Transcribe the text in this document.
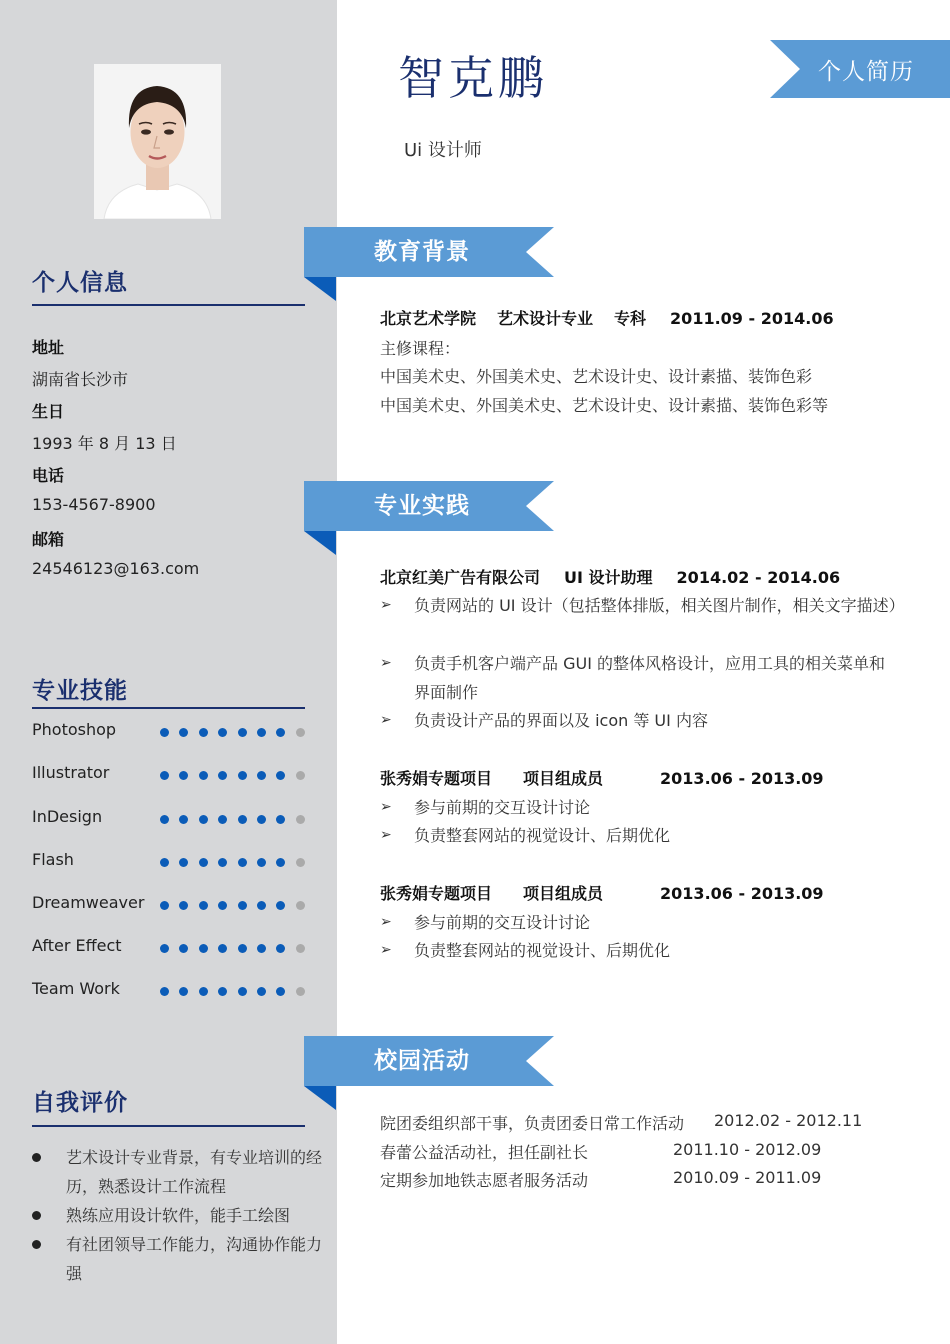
个人信息
地址
湖南省长沙市
生日
1993 年 8 月 13 日
电话
153-4567-8900
邮箱
24546123@163.com
专业技能
Photoshop
Illustrator
InDesign
Flash
Dreamweaver
After Effect
Team Work
自我评价
艺术设计专业背景，有专业培训的经历，熟悉设计工作流程
熟练应用设计软件，能手工绘图
有社团领导工作能力，沟通协作能力强
智克鹏
Ui 设计师
个人简历
教育背景
北京艺术学院 艺术设计专业 专科 2011.09 - 2014.06
主修课程：
中国美术史、外国美术史、艺术设计史、设计素描、装饰色彩
中国美术史、外国美术史、艺术设计史、设计素描、装饰色彩等
专业实践
北京红美广告有限公司 UI 设计助理 2014.02 - 2014.06
➢ 负责网站的 UI 设计（包括整体排版，相关图片制作，相关文字描述）
➢ 负责手机客户端产品 GUI 的整体风格设计，应用工具的相关菜单和界面制作
➢ 负责设计产品的界面以及 icon 等 UI 内容
张秀娟专题项目 项目组成员	2013.06 - 2013.09
➢ 参与前期的交互设计讨论
➢ 负责整套网站的视觉设计、后期优化
张秀娟专题项目 项目组成员	2013.06 - 2013.09
➢ 参与前期的交互设计讨论
➢ 负责整套网站的视觉设计、后期优化
校园活动
院团委组织部干事，负责团委日常工作活动 2012.02 - 2012.11
春蕾公益活动社，担任副社长	2011.10 - 2012.09
定期参加地铁志愿者服务活动	2010.09 - 2011.09
